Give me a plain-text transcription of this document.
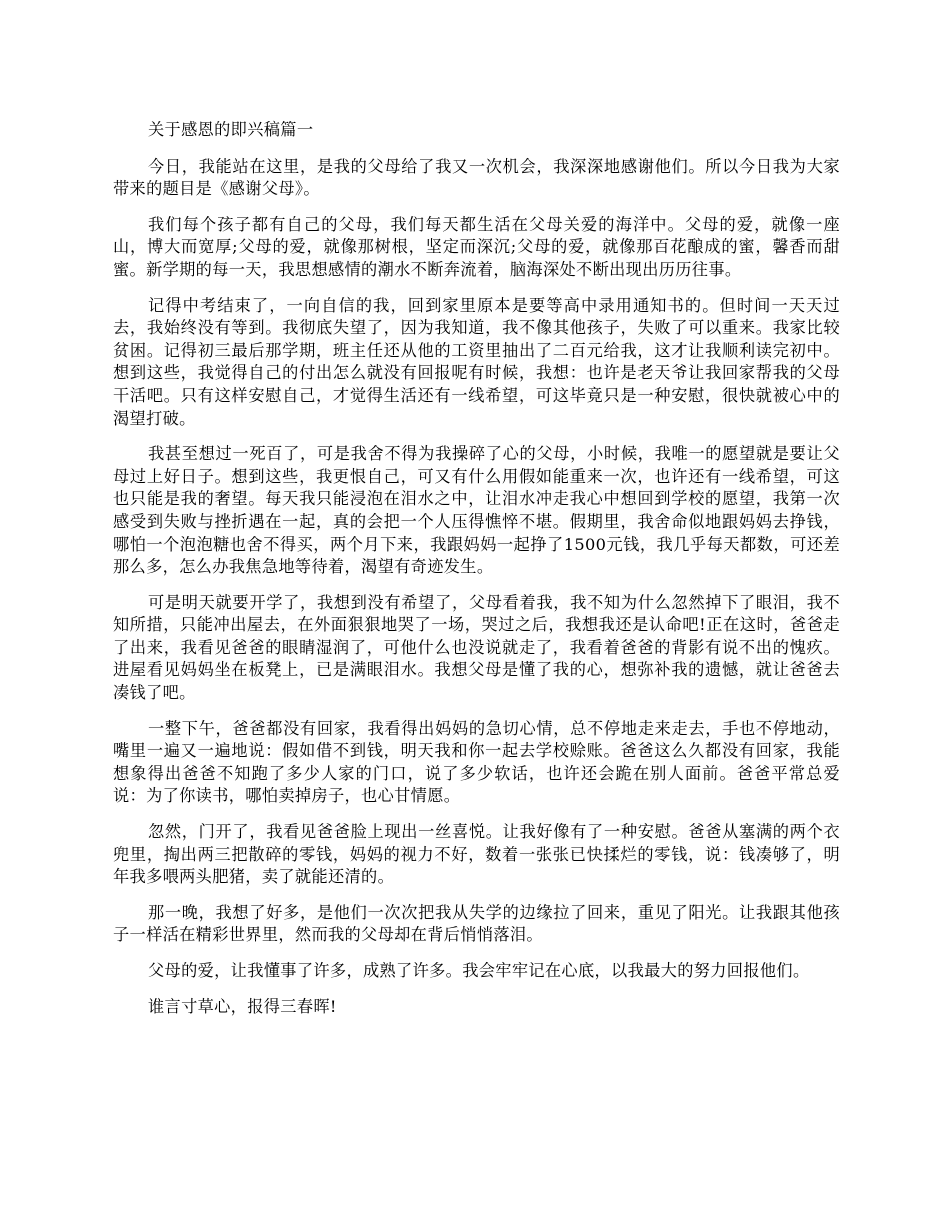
关于感恩的即兴稿篇一

今日，我能站在这里，是我的父母给了我又一次机会，我深深地感谢他们。所以今日我为大家带来的题目是《感谢父母》。

我们每个孩子都有自己的父母，我们每天都生活在父母关爱的海洋中。父母的爱，就像一座山，博大而宽厚;父母的爱，就像那树根，坚定而深沉;父母的爱，就像那百花酿成的蜜，馨香而甜蜜。新学期的每一天，我思想感情的潮水不断奔流着，脑海深处不断出现出历历往事。

记得中考结束了，一向自信的我，回到家里原本是要等高中录用通知书的。但时间一天天过去，我始终没有等到。我彻底失望了，因为我知道，我不像其他孩子，失败了可以重来。我家比较贫困。记得初三最后那学期，班主任还从他的工资里抽出了二百元给我，这才让我顺利读完初中。想到这些，我觉得自己的付出怎么就没有回报呢有时候，我想：也许是老天爷让我回家帮我的父母干活吧。只有这样安慰自己，才觉得生活还有一线希望，可这毕竟只是一种安慰，很快就被心中的渴望打破。

我甚至想过一死百了，可是我舍不得为我操碎了心的父母，小时候，我唯一的愿望就是要让父母过上好日子。想到这些，我更恨自己，可又有什么用假如能重来一次，也许还有一线希望，可这也只能是我的奢望。每天我只能浸泡在泪水之中，让泪水冲走我心中想回到学校的愿望，我第一次感受到失败与挫折遇在一起，真的会把一个人压得憔悴不堪。假期里，我舍命似地跟妈妈去挣钱，哪怕一个泡泡糖也舍不得买，两个月下来，我跟妈妈一起挣了1500元钱，我几乎每天都数，可还差那么多，怎么办我焦急地等待着，渴望有奇迹发生。

可是明天就要开学了，我想到没有希望了，父母看着我，我不知为什么忽然掉下了眼泪，我不知所措，只能冲出屋去，在外面狠狠地哭了一场，哭过之后，我想我还是认命吧!正在这时，爸爸走了出来，我看见爸爸的眼睛湿润了，可他什么也没说就走了，我看着爸爸的背影有说不出的愧疚。进屋看见妈妈坐在板凳上，已是满眼泪水。我想父母是懂了我的心，想弥补我的遗憾，就让爸爸去凑钱了吧。

一整下午，爸爸都没有回家，我看得出妈妈的急切心情，总不停地走来走去，手也不停地动，嘴里一遍又一遍地说：假如借不到钱，明天我和你一起去学校赊账。爸爸这么久都没有回家，我能想象得出爸爸不知跑了多少人家的门口，说了多少软话，也许还会跪在别人面前。爸爸平常总爱说：为了你读书，哪怕卖掉房子，也心甘情愿。

忽然，门开了，我看见爸爸脸上现出一丝喜悦。让我好像有了一种安慰。爸爸从塞满的两个衣兜里，掏出两三把散碎的零钱，妈妈的视力不好，数着一张张已快揉烂的零钱，说：钱凑够了，明年我多喂两头肥猪，卖了就能还清的。

那一晚，我想了好多，是他们一次次把我从失学的边缘拉了回来，重见了阳光。让我跟其他孩子一样活在精彩世界里，然而我的父母却在背后悄悄落泪。

父母的爱，让我懂事了许多，成熟了许多。我会牢牢记在心底，以我最大的努力回报他们。

谁言寸草心，报得三春晖!
